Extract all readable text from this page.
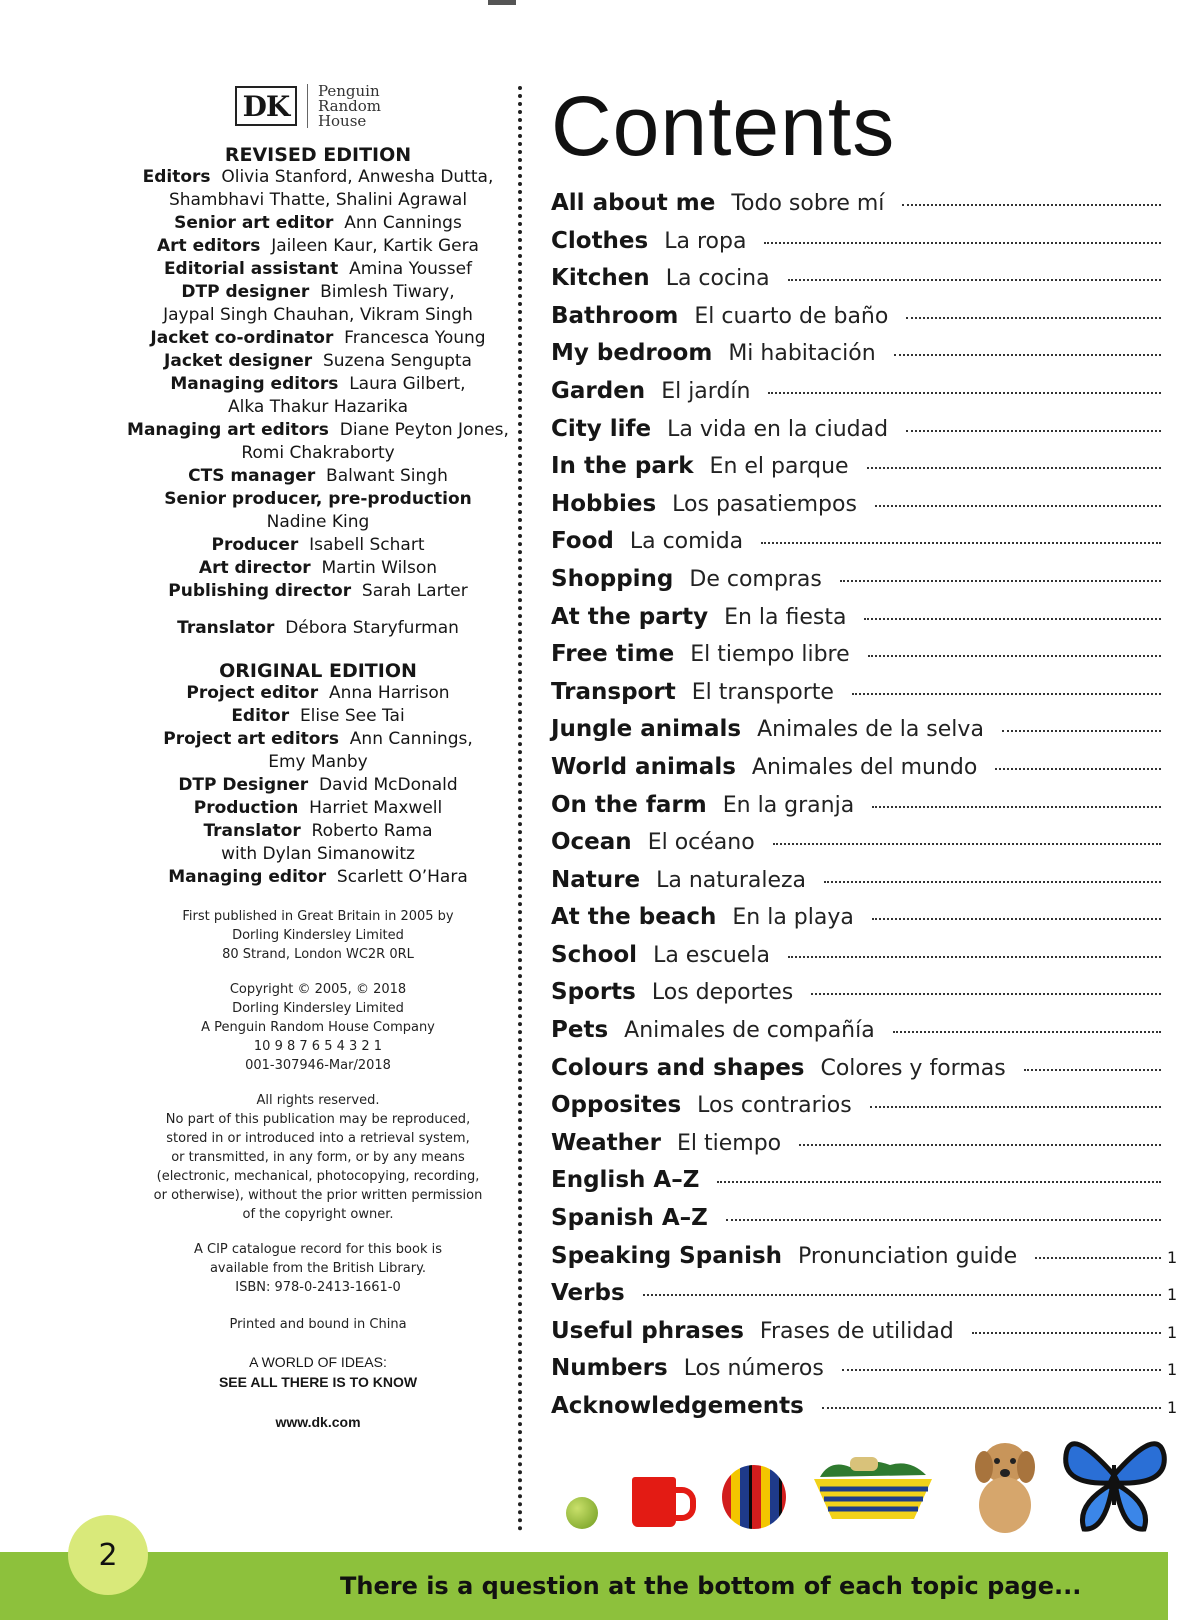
DK	Penguin
Random
House
REVISED EDITION
Editors Olivia Stanford, Anwesha Dutta,
Shambhavi Thatte, Shalini Agrawal
Senior art editor Ann Cannings
Art editors Jaileen Kaur, Kartik Gera
Editorial assistant Amina Youssef
DTP designer Bimlesh Tiwary,
Jaypal Singh Chauhan, Vikram Singh
Jacket co-ordinator Francesca Young
Jacket designer Suzena Sengupta
Managing editors Laura Gilbert,
Alka Thakur Hazarika
Managing art editors Diane Peyton Jones,
Romi Chakraborty
CTS manager Balwant Singh
Senior producer, pre-production
Nadine King
Producer Isabell Schart
Art director Martin Wilson
Publishing director Sarah Larter
Translator Débora Staryfurman
ORIGINAL EDITION
Project editor Anna Harrison
Editor Elise See Tai
Project art editors Ann Cannings,
Emy Manby
DTP Designer David McDonald
Production Harriet Maxwell
Translator Roberto Rama
with Dylan Simanowitz
Managing editor Scarlett O’Hara
First published in Great Britain in 2005 by
Dorling Kindersley Limited
80 Strand, London WC2R 0RL
Copyright © 2005, © 2018
Dorling Kindersley Limited
A Penguin Random House Company
10 9 8 7 6 5 4 3 2 1
001-307946-Mar/2018
All rights reserved.
No part of this publication may be reproduced,
stored in or introduced into a retrieval system,
or transmitted, in any form, or by any means
(electronic, mechanical, photocopying, recording,
or otherwise), without the prior written permission
of the copyright owner.
A CIP catalogue record for this book is
available from the British Library.
ISBN: 978-0-2413-1661-0
Printed and bound in China
A WORLD OF IDEAS:
SEE ALL THERE IS TO KNOW
www.dk.com
Contents
All about me Todo sobre mí
Clothes La ropa
Kitchen La cocina
Bathroom El cuarto de baño
My bedroom Mi habitación
Garden El jardín
City life La vida en la ciudad
In the park En el parque
Hobbies Los pasatiempos
Food La comida
Shopping De compras
At the party En la fiesta
Free time El tiempo libre
Transport El transporte
Jungle animals Animales de la selva
World animals Animales del mundo
On the farm En la granja
Ocean El océano
Nature La naturaleza
At the beach En la playa
School La escuela
Sports Los deportes
Pets Animales de compañía
Colours and shapes Colores y formas
Opposites Los contrarios
Weather El tiempo
English A–Z
Spanish A–Z
Speaking Spanish Pronunciation guide	1
Verbs	1
Useful phrases Frases de utilidad	1
Numbers Los números	1
Acknowledgements	1
2
There is a question at the bottom of each topic page...
